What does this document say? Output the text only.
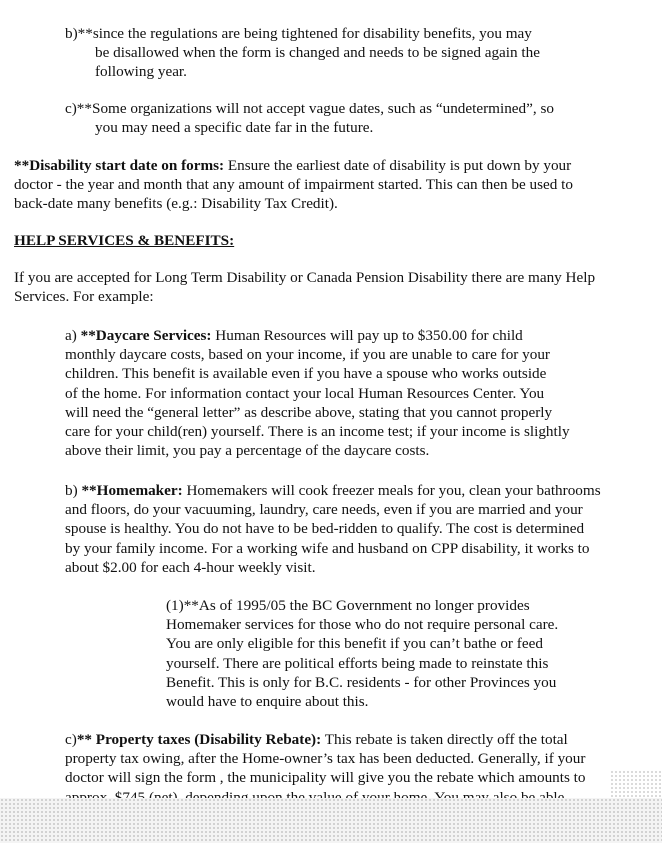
b)**since the regulations are being tightened for disability benefits, you may
be disallowed when the form is changed and needs to be signed again the
following year.
c)**Some organizations will not accept vague dates, such as “undetermined”, so
you may need a specific date far in the future.
**Disability start date on forms: Ensure the earliest date of disability is put down by your
doctor - the year and month that any amount of impairment started. This can then be used to
back-date many benefits (e.g.: Disability Tax Credit).
HELP SERVICES & BENEFITS:
If you are accepted for Long Term Disability or Canada Pension Disability there are many Help
Services. For example:
a) **Daycare Services: Human Resources will pay up to $350.00 for child
monthly daycare costs, based on your income, if you are unable to care for your
children. This benefit is available even if you have a spouse who works outside
of the home. For information contact your local Human Resources Center. You
will need the “general letter” as describe above, stating that you cannot properly
care for your child(ren) yourself. There is an income test; if your income is slightly
above their limit, you pay a percentage of the daycare costs.
b) **Homemaker: Homemakers will cook freezer meals for you, clean your bathrooms
and floors, do your vacuuming, laundry, care needs, even if you are married and your
spouse is healthy. You do not have to be bed-ridden to qualify. The cost is determined
by your family income. For a working wife and husband on CPP disability, it works to
about $2.00 for each 4-hour weekly visit.
(1)**As of 1995/05 the BC Government no longer provides
Homemaker services for those who do not require personal care.
You are only eligible for this benefit if you can’t bathe or feed
yourself. There are political efforts being made to reinstate this
Benefit. This is only for B.C. residents - for other Provinces you
would have to enquire about this.
c)** Property taxes (Disability Rebate): This rebate is taken directly off the total
property tax owing, after the Home-owner’s tax has been deducted. Generally, if your
doctor will sign the form , the municipality will give you the rebate which amounts to
